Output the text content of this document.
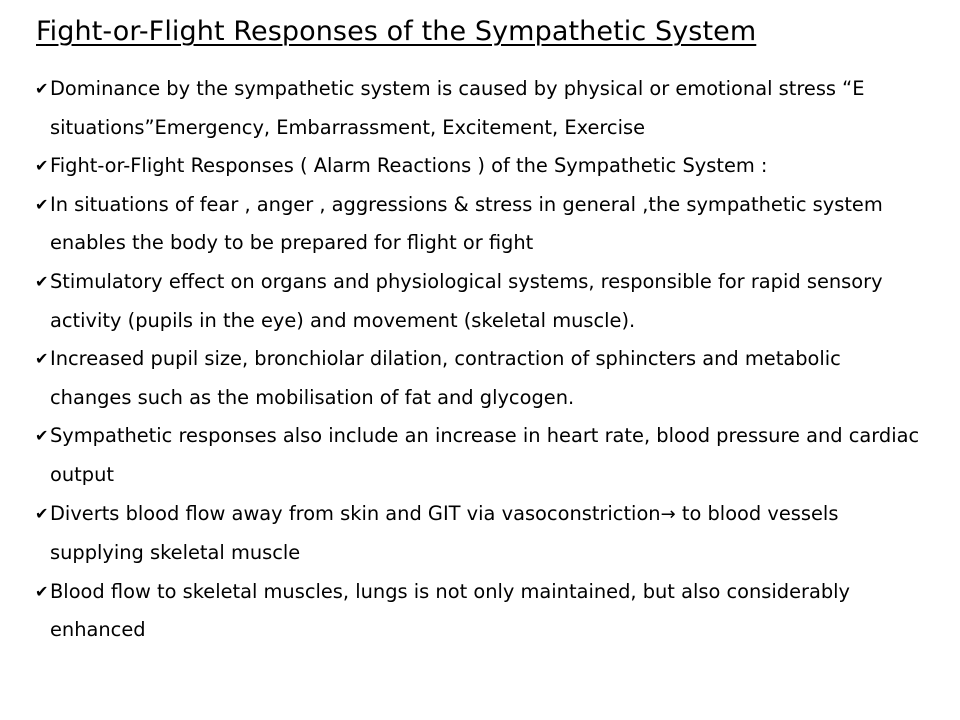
Fight-or-Flight Responses of the Sympathetic System
✔ Dominance by the sympathetic system is caused by physical or emotional stress “E situations”Emergency, Embarrassment, Excitement, Exercise
✔ Fight-or-Flight Responses ( Alarm Reactions ) of the Sympathetic System :
✔ In situations of fear , anger , aggressions & stress in general ,the sympathetic system enables the body to be prepared for flight or fight
✔ Stimulatory effect on organs and physiological systems, responsible for rapid sensory activity (pupils in the eye) and movement (skeletal muscle).
✔ Increased pupil size, bronchiolar dilation, contraction of sphincters and metabolic changes such as the mobilisation of fat and glycogen.
✔ Sympathetic responses also include an increase in heart rate, blood pressure and cardiac output
✔ Diverts blood flow away from skin and GIT via vasoconstriction→ to blood vessels supplying skeletal muscle
✔ Blood flow to skeletal muscles, lungs is not only maintained, but also considerably enhanced
